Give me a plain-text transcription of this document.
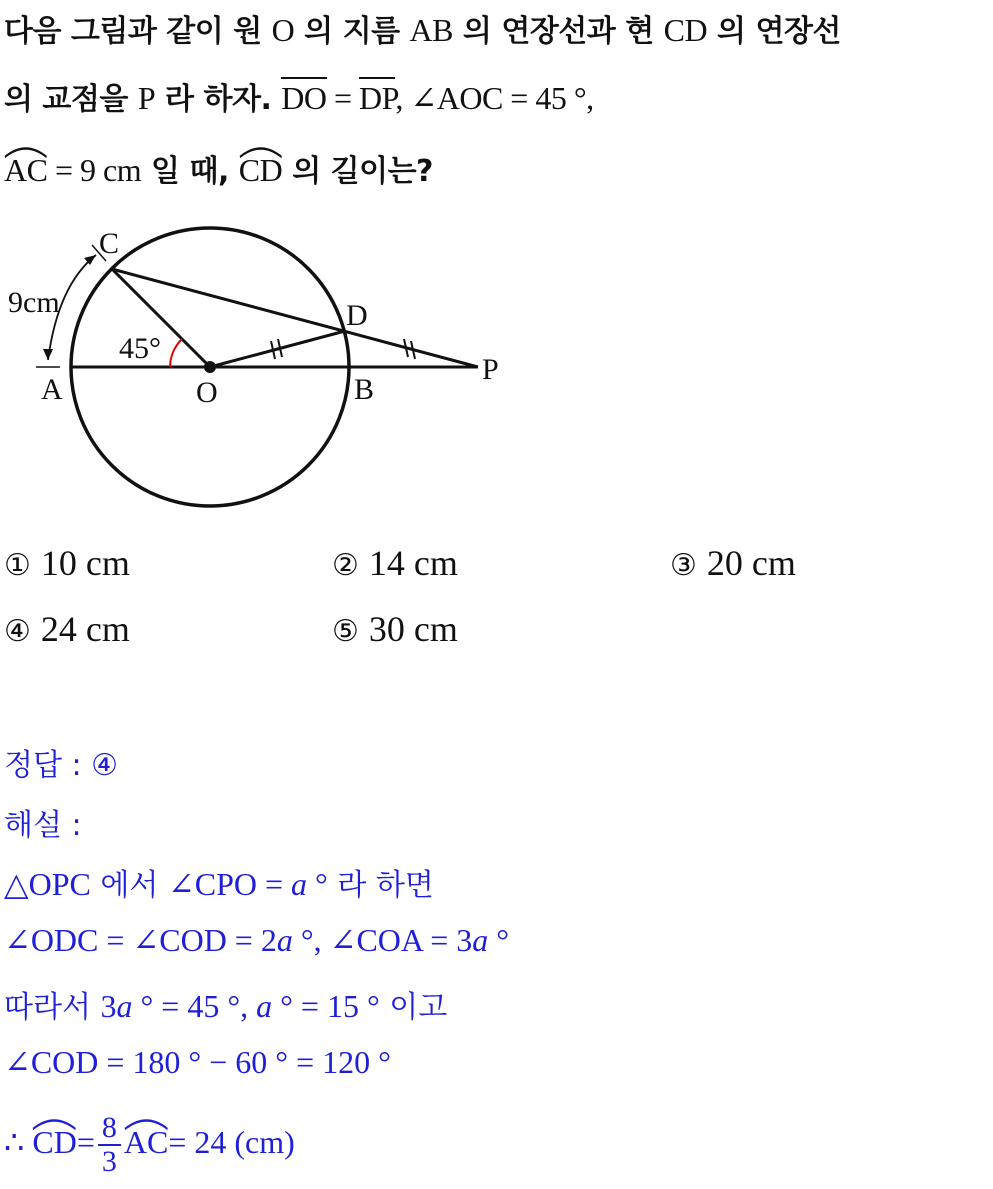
다음 그림과 같이 원 O 의 지름 AB 의 연장선과 현 CD 의 연장선
의 교점을 P 라 하자. DO = DP, ∠AOC = 45 °,
AC = 9 cm 일 때,
CD 의 길이는?
C
D
A	O	B
P
45°
9cm
① 10 cm	② 14 cm	③ 20 cm
④ 24 cm	⑤ 30 cm
정답 : ④
해설 :
△OPC 에서 ∠CPO = a ° 라 하면
∠ODC = ∠COD = 2a °, ∠COA = 3a °
따라서 3a ° = 45 °, a ° = 15 ° 이고
∠COD = 180 ° − 60 ° = 120 °
∴
$CD= \frac{8}{3} AC= 24$ (cm)
